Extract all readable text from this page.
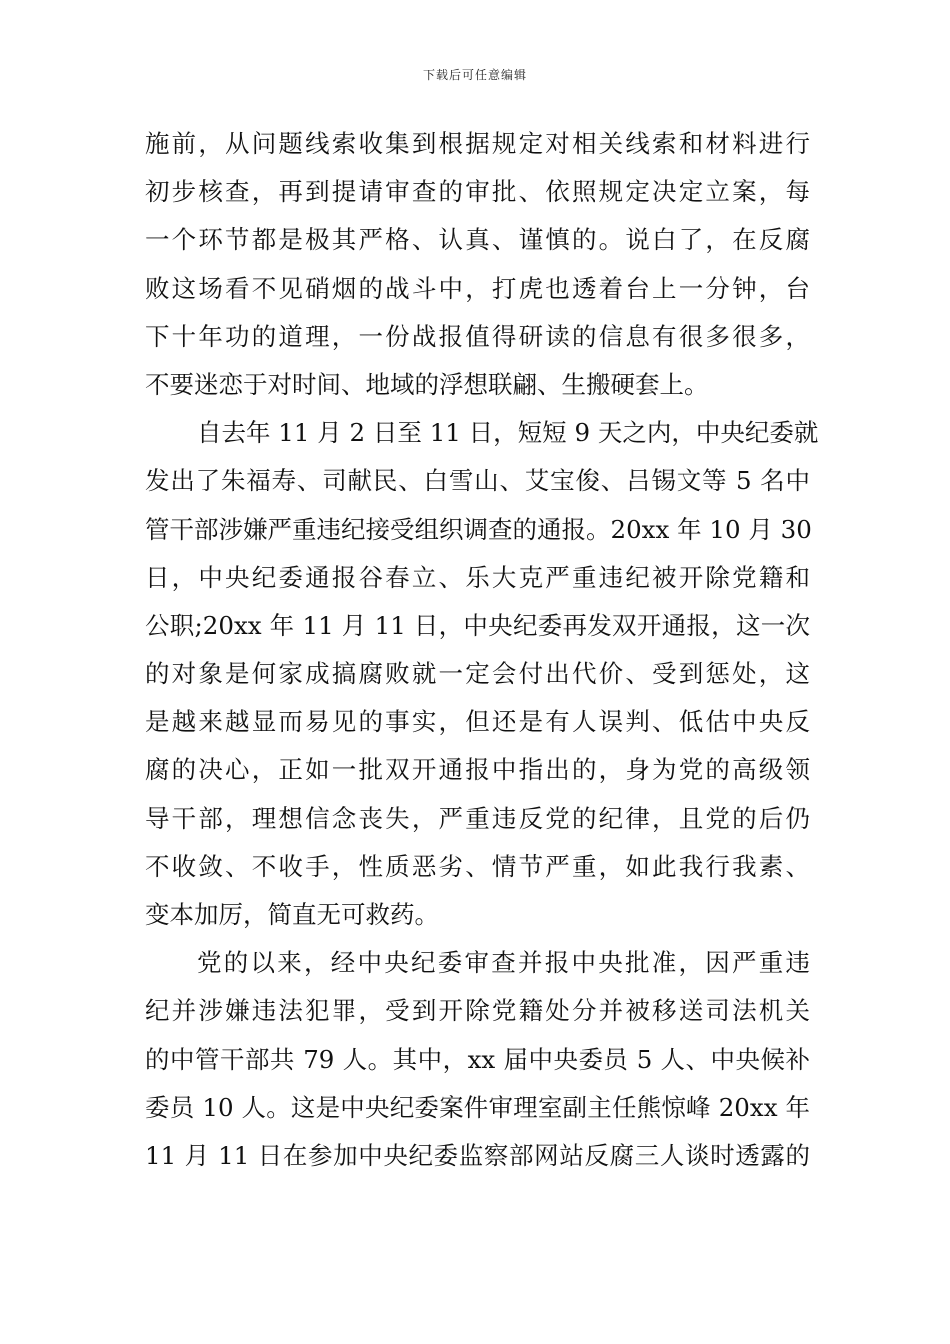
下载后可任意编辑
施前，从问题线索收集到根据规定对相关线索和材料进行
初步核查，再到提请审查的审批、依照规定决定立案，每
一个环节都是极其严格、认真、谨慎的。说白了，在反腐
败这场看不见硝烟的战斗中，打虎也透着台上一分钟，台
下十年功的道理，一份战报值得研读的信息有很多很多，
不要迷恋于对时间、地域的浮想联翩、生搬硬套上。
自去年 11 月 2 日至 11 日，短短 9 天之内，中央纪委就
发出了朱福寿、司献民、白雪山、艾宝俊、吕锡文等 5 名中
管干部涉嫌严重违纪接受组织调查的通报。20xx 年 10 月 30
日，中央纪委通报谷春立、乐大克严重违纪被开除党籍和
公职;20xx 年 11 月 11 日，中央纪委再发双开通报，这一次
的对象是何家成搞腐败就一定会付出代价、受到惩处，这
是越来越显而易见的事实，但还是有人误判、低估中央反
腐的决心，正如一批双开通报中指出的，身为党的高级领
导干部，理想信念丧失，严重违反党的纪律，且党的后仍
不收敛、不收手，性质恶劣、情节严重，如此我行我素、
变本加厉，简直无可救药。
党的以来，经中央纪委审查并报中央批准，因严重违
纪并涉嫌违法犯罪，受到开除党籍处分并被移送司法机关
的中管干部共 79 人。其中，xx 届中央委员 5 人、中央候补
委员 10 人。这是中央纪委案件审理室副主任熊惊峰 20xx 年
11 月 11 日在参加中央纪委监察部网站反腐三人谈时透露的
